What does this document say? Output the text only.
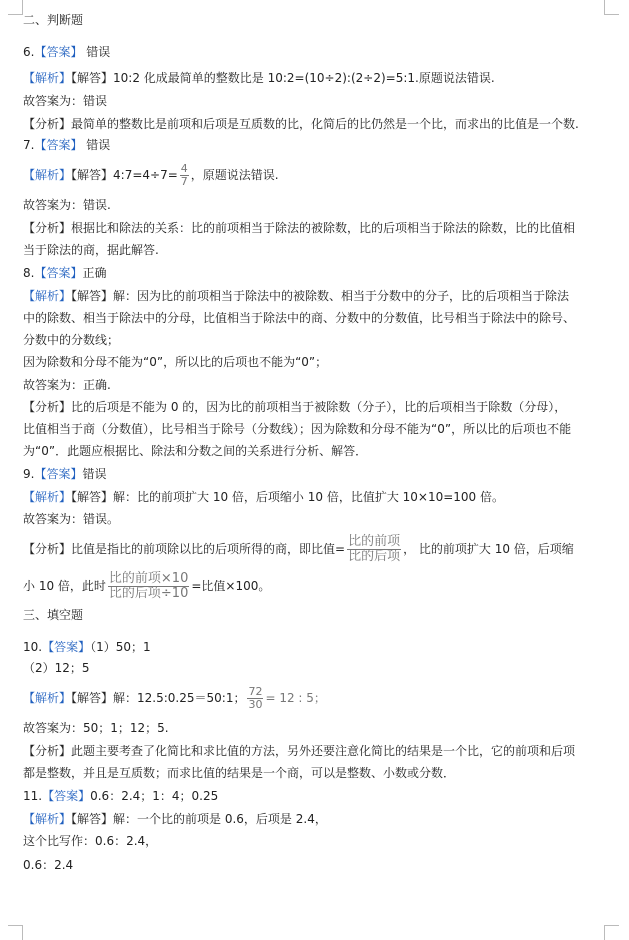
二、判断题
6.【答案】 错误
【解析】【解答】10:2 化成最简单的整数比是 10:2=(10÷2):(2÷2)=5:1.原题说法错误.
故答案为：错误
【分析】最简单的整数比是前项和后项是互质数的比，化简后的比仍然是一个比，而求出的比值是一个数.
7.【答案】 错误
【解析】【解答】4:7=4÷7= $\frac{4}{7}$ ，原题说法错误.
故答案为：错误.
【分析】根据比和除法的关系：比的前项相当于除法的被除数，比的后项相当于除法的除数，比的比值相
当于除法的商，据此解答.
8.【答案】正确
【解析】【解答】解：因为比的前项相当于除法中的被除数、相当于分数中的分子，比的后项相当于除法
中的除数、相当于除法中的分母，比值相当于除法中的商、分数中的分数值，比号相当于除法中的除号、
分数中的分数线；
因为除数和分母不能为“0”，所以比的后项也不能为“0”；
故答案为：正确.
【分析】比的后项是不能为 0 的，因为比的前项相当于被除数（分子），比的后项相当于除数（分母），
比值相当于商（分数值），比号相当于除号（分数线）；因为除数和分母不能为“0”，所以比的后项也不能
为“0”．此题应根据比、除法和分数之间的关系进行分析、解答．
9.【答案】错误
【解析】【解答】解：比的前项扩大 10 倍，后项缩小 10 倍，比值扩大 10×10=100 倍。
故答案为：错误。
【分析】比值是指比的前项除以比的后项所得的商，即比值= 比的前项
比的后项 ， 比的前项扩大 10 倍，后项缩
小 10 倍，此时 比的前项×10
比的后项÷10 =比值×100。
三、填空题
10.【答案】（1）50；1
（2）12；5
【解析】【解答】解：12.5:0.25＝50:1； $\frac{72}{30} = 12$ : 5；
故答案为：50；1；12；5.
【分析】此题主要考查了化简比和求比值的方法，另外还要注意化简比的结果是一个比，它的前项和后项
都是整数，并且是互质数；而求比值的结果是一个商，可以是整数、小数或分数．
11.【答案】0.6：2.4；1：4；0.25
【解析】【解答】解：一个比的前项是 0.6，后项是 2.4，
这个比写作：0.6：2.4，
0.6：2.4
